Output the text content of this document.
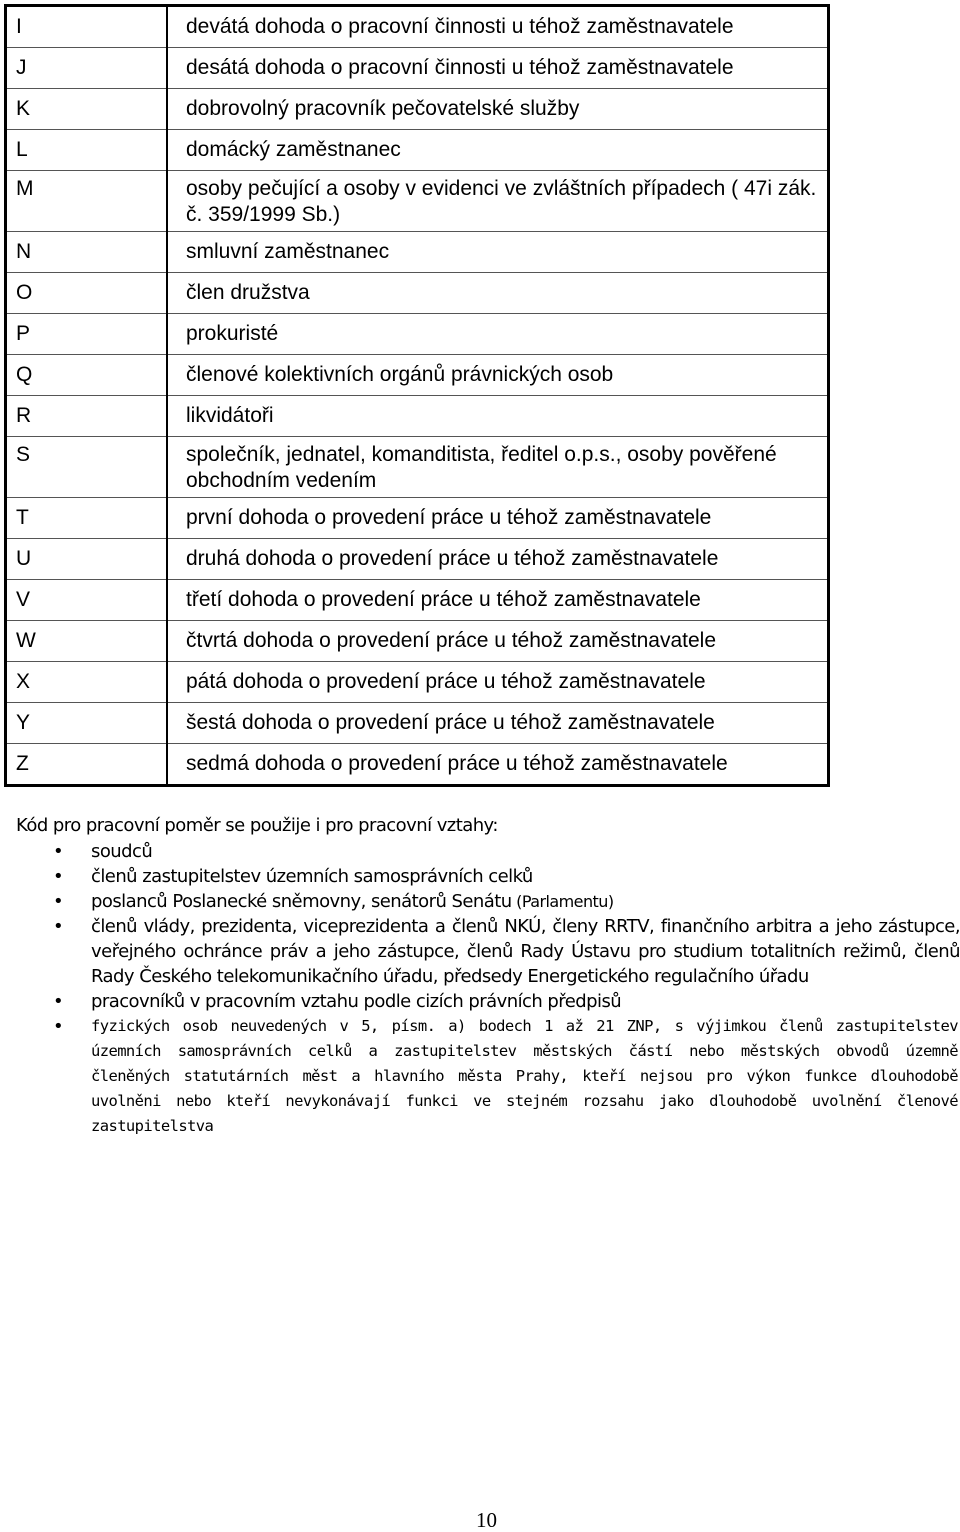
I	devátá dohoda o pracovní činnosti u téhož zaměstnavatele
J	desátá dohoda o pracovní činnosti u téhož zaměstnavatele
K	dobrovolný pracovník pečovatelské služby
L	domácký zaměstnanec
M	osoby pečující a osoby v evidenci ve zvláštních případech ( 47i zák. č. 359/1999 Sb.)
N	smluvní zaměstnanec
O	člen družstva
P	prokuristé
Q	členové kolektivních orgánů právnických osob
R	likvidátoři
S	společník, jednatel, komanditista, ředitel o.p.s., osoby pověřené obchodním vedením
T	první dohoda o provedení práce u téhož zaměstnavatele
U	druhá dohoda o provedení práce u téhož zaměstnavatele
V	třetí dohoda o provedení práce u téhož zaměstnavatele
W	čtvrtá dohoda o provedení práce u téhož zaměstnavatele
X	pátá dohoda o provedení práce u téhož zaměstnavatele
Y	šestá dohoda o provedení práce u téhož zaměstnavatele
Z	sedmá dohoda o provedení práce u téhož zaměstnavatele

Kód pro pracovní poměr se použije i pro pracovní vztahy:

• soudců
• členů zastupitelstev územních samosprávních celků
• poslanců Poslanecké sněmovny, senátorů Senátu (Parlamentu)
• členů vlády, prezidenta, viceprezidenta a členů NKÚ, členy RRTV, finančního arbitra a jeho zástupce, veřejného ochránce práv a jeho zástupce, členů Rady Ústavu pro studium totalitních režimů, členů Rady Českého telekomunikačního úřadu, předsedy Energetického regulačního úřadu
• pracovníků v pracovním vztahu podle cizích právních předpisů
• fyzických osob neuvedených v 5, písm. a) bodech 1 až 21 ZNP, s výjimkou členů zastupitelstev územních samosprávních celků a zastupitelstev městských částí nebo městských obvodů územně členěných statutárních měst a hlavního města Prahy, kteří nejsou pro výkon funkce dlouhodobě uvolněni nebo kteří nevykonávají funkci ve stejném rozsahu jako dlouhodobě uvolnění členové zastupitelstva
10
